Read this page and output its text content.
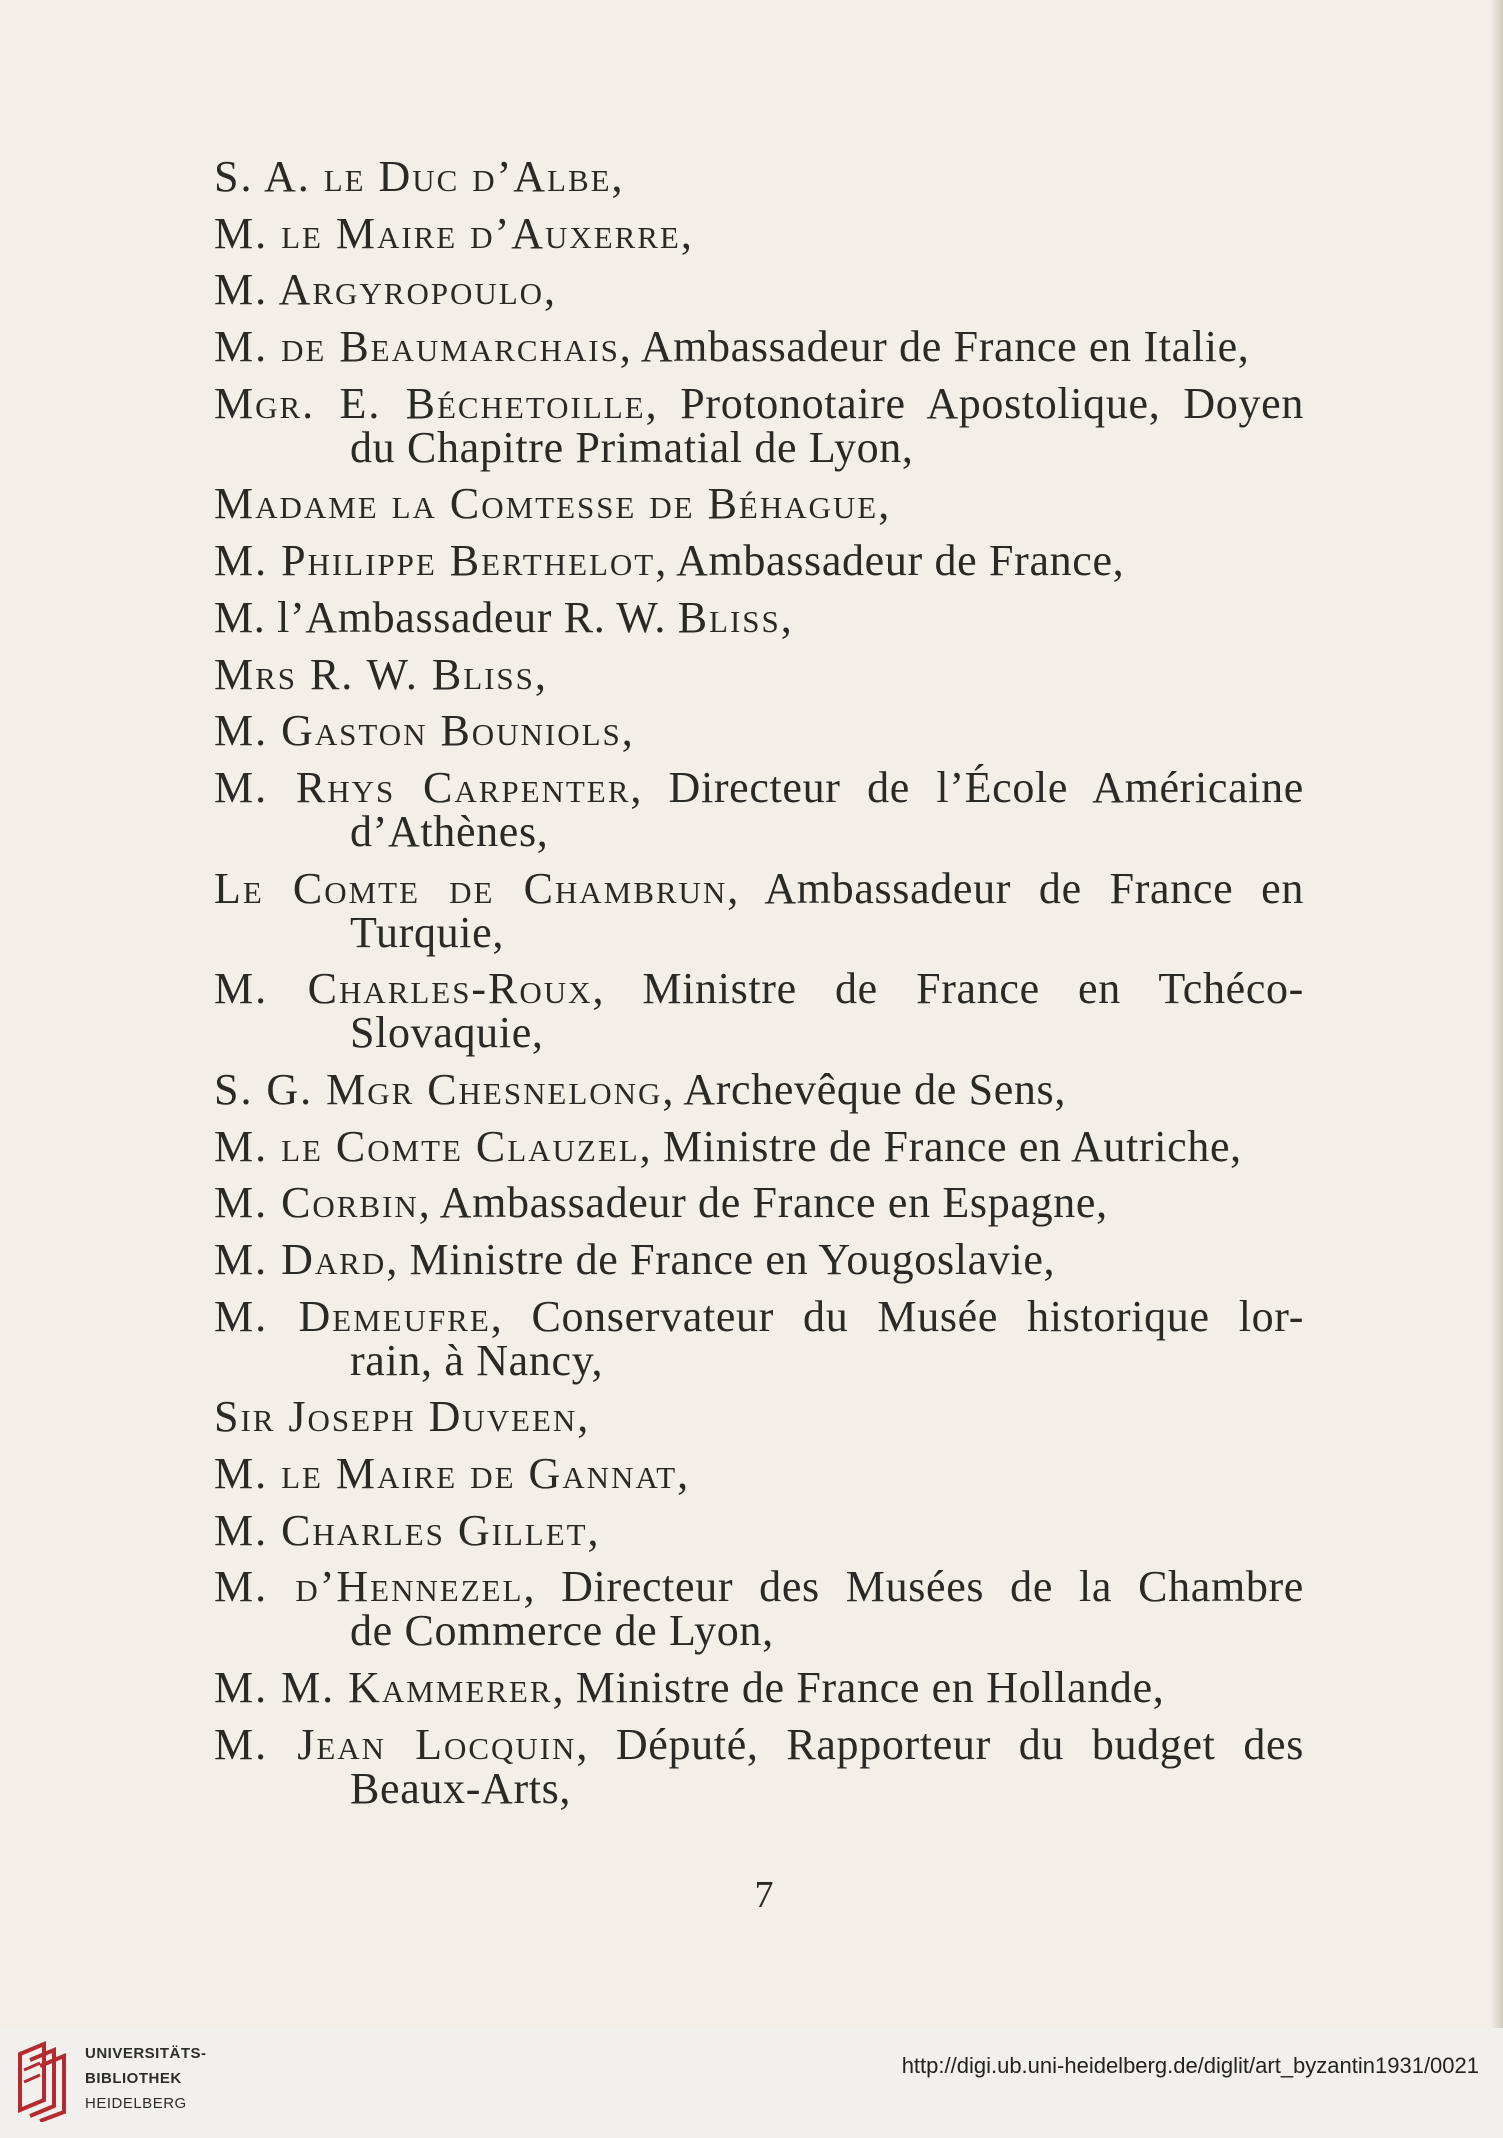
S. A. le Duc d’Albe,
M. le Maire d’Auxerre,
M. Argyropoulo,
M. de Beaumarchais, Ambassadeur de France en Italie,
Mgr. E. Béchetoille, Protonotaire Apostolique, Doyen
du Chapitre Primatial de Lyon,
Madame la Comtesse de Béhague,
M. Philippe Berthelot, Ambassadeur de France,
M. l’Ambassadeur R. W. Bliss,
Mrs R. W. Bliss,
M. Gaston Bouniols,
M. Rhys Carpenter, Directeur de l’École Américaine
d’Athènes,
Le Comte de Chambrun, Ambassadeur de France en
Turquie,
M. Charles-Roux, Ministre de France en Tchéco-
Slovaquie,
S. G. Mgr Chesnelong, Archevêque de Sens,
M. le Comte Clauzel, Ministre de France en Autriche,
M. Corbin, Ambassadeur de France en Espagne,
M. Dard, Ministre de France en Yougoslavie,
M. Demeufre, Conservateur du Musée historique lor-
rain, à Nancy,
Sir Joseph Duveen,
M. le Maire de Gannat,
M. Charles Gillet,
M. d’Hennezel, Directeur des Musées de la Chambre
de Commerce de Lyon,
M. M. Kammerer, Ministre de France en Hollande,
M. Jean Locquin, Député, Rapporteur du budget des
Beaux-Arts,
7
UNIVERSITÄTS-
BIBLIOTHEK
HEIDELBERG
http://digi.ub.uni-heidelberg.de/diglit/art_byzantin1931/0021
